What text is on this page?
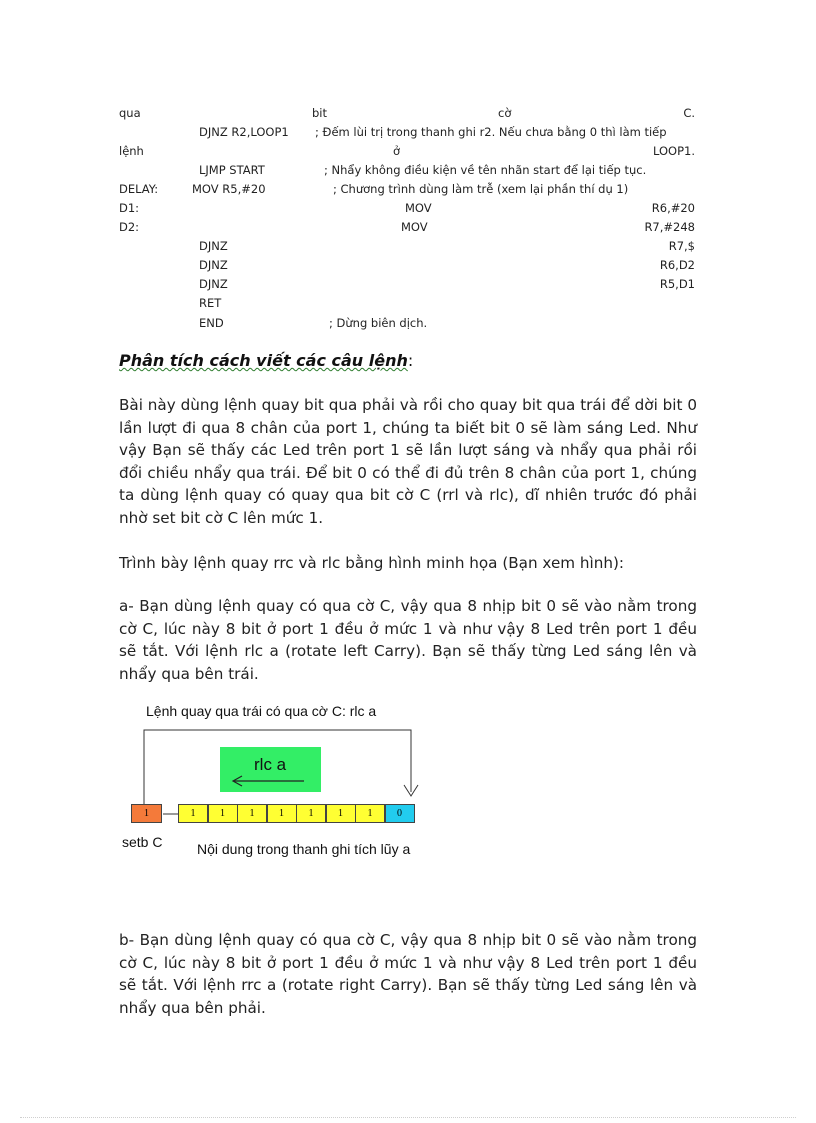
qua	bit	cờ	C.
DJNZ R2,LOOP1 ; Đếm lùi trị trong thanh ghi r2. Nếu chưa bằng 0 thì làm tiếp
lệnh	ở	LOOP1.
LJMP START	; Nhẩy không điều kiện về tên nhãn start để lại tiếp tục.
DELAY:	MOV R5,#20	; Chương trình dùng làm trễ (xem lại phần thí dụ 1)
D1:	MOV	R6,#20
D2:	MOV	R7,#248
DJNZ	R7,$
DJNZ	R6,D2
DJNZ	R5,D1
RET
END	; Dừng biên dịch.
Phân tích cách viết các câu lệnh:
Bài này dùng lệnh quay bit qua phải và rồi cho quay bit qua trái để dời bit 0 lần lượt đi qua 8 chân của port 1, chúng ta biết bit 0 sẽ làm sáng Led. Như vậy Bạn sẽ thấy các Led trên port 1 sẽ lần lượt sáng và nhẩy qua phải rồi đổi chiều nhẩy qua trái. Để bit 0 có thể đi đủ trên 8 chân của port 1, chúng ta dùng lệnh quay có quay qua bit cờ C (rrl và rlc), dĩ nhiên trước đó phải nhờ set bit cờ C lên mức 1.
Trình bày lệnh quay rrc và rlc bằng hình minh họa (Bạn xem hình):
a- Bạn dùng lệnh quay có qua cờ C, vậy qua 8 nhịp bit 0 sẽ vào nằm trong cờ C, lúc này 8 bit ở port 1 đều ở mức 1 và như vậy 8 Led trên port 1 đều sẽ tắt. Với lệnh rlc a (rotate left Carry). Bạn sẽ thấy từng Led sáng lên và nhẩy qua bên trái.
Lệnh quay qua trái có qua cờ C: rlc a
rlc a
1	1	1	1	1	1	1	1	0
setb C Nội dung trong thanh ghi tích lũy a
b- Bạn dùng lệnh quay có qua cờ C, vậy qua 8 nhịp bit 0 sẽ vào nằm trong cờ C, lúc này 8 bit ở port 1 đều ở mức 1 và như vậy 8 Led trên port 1 đều sẽ tắt. Với lệnh rrc a (rotate right Carry). Bạn sẽ thấy từng Led sáng lên và nhẩy qua bên phải.
